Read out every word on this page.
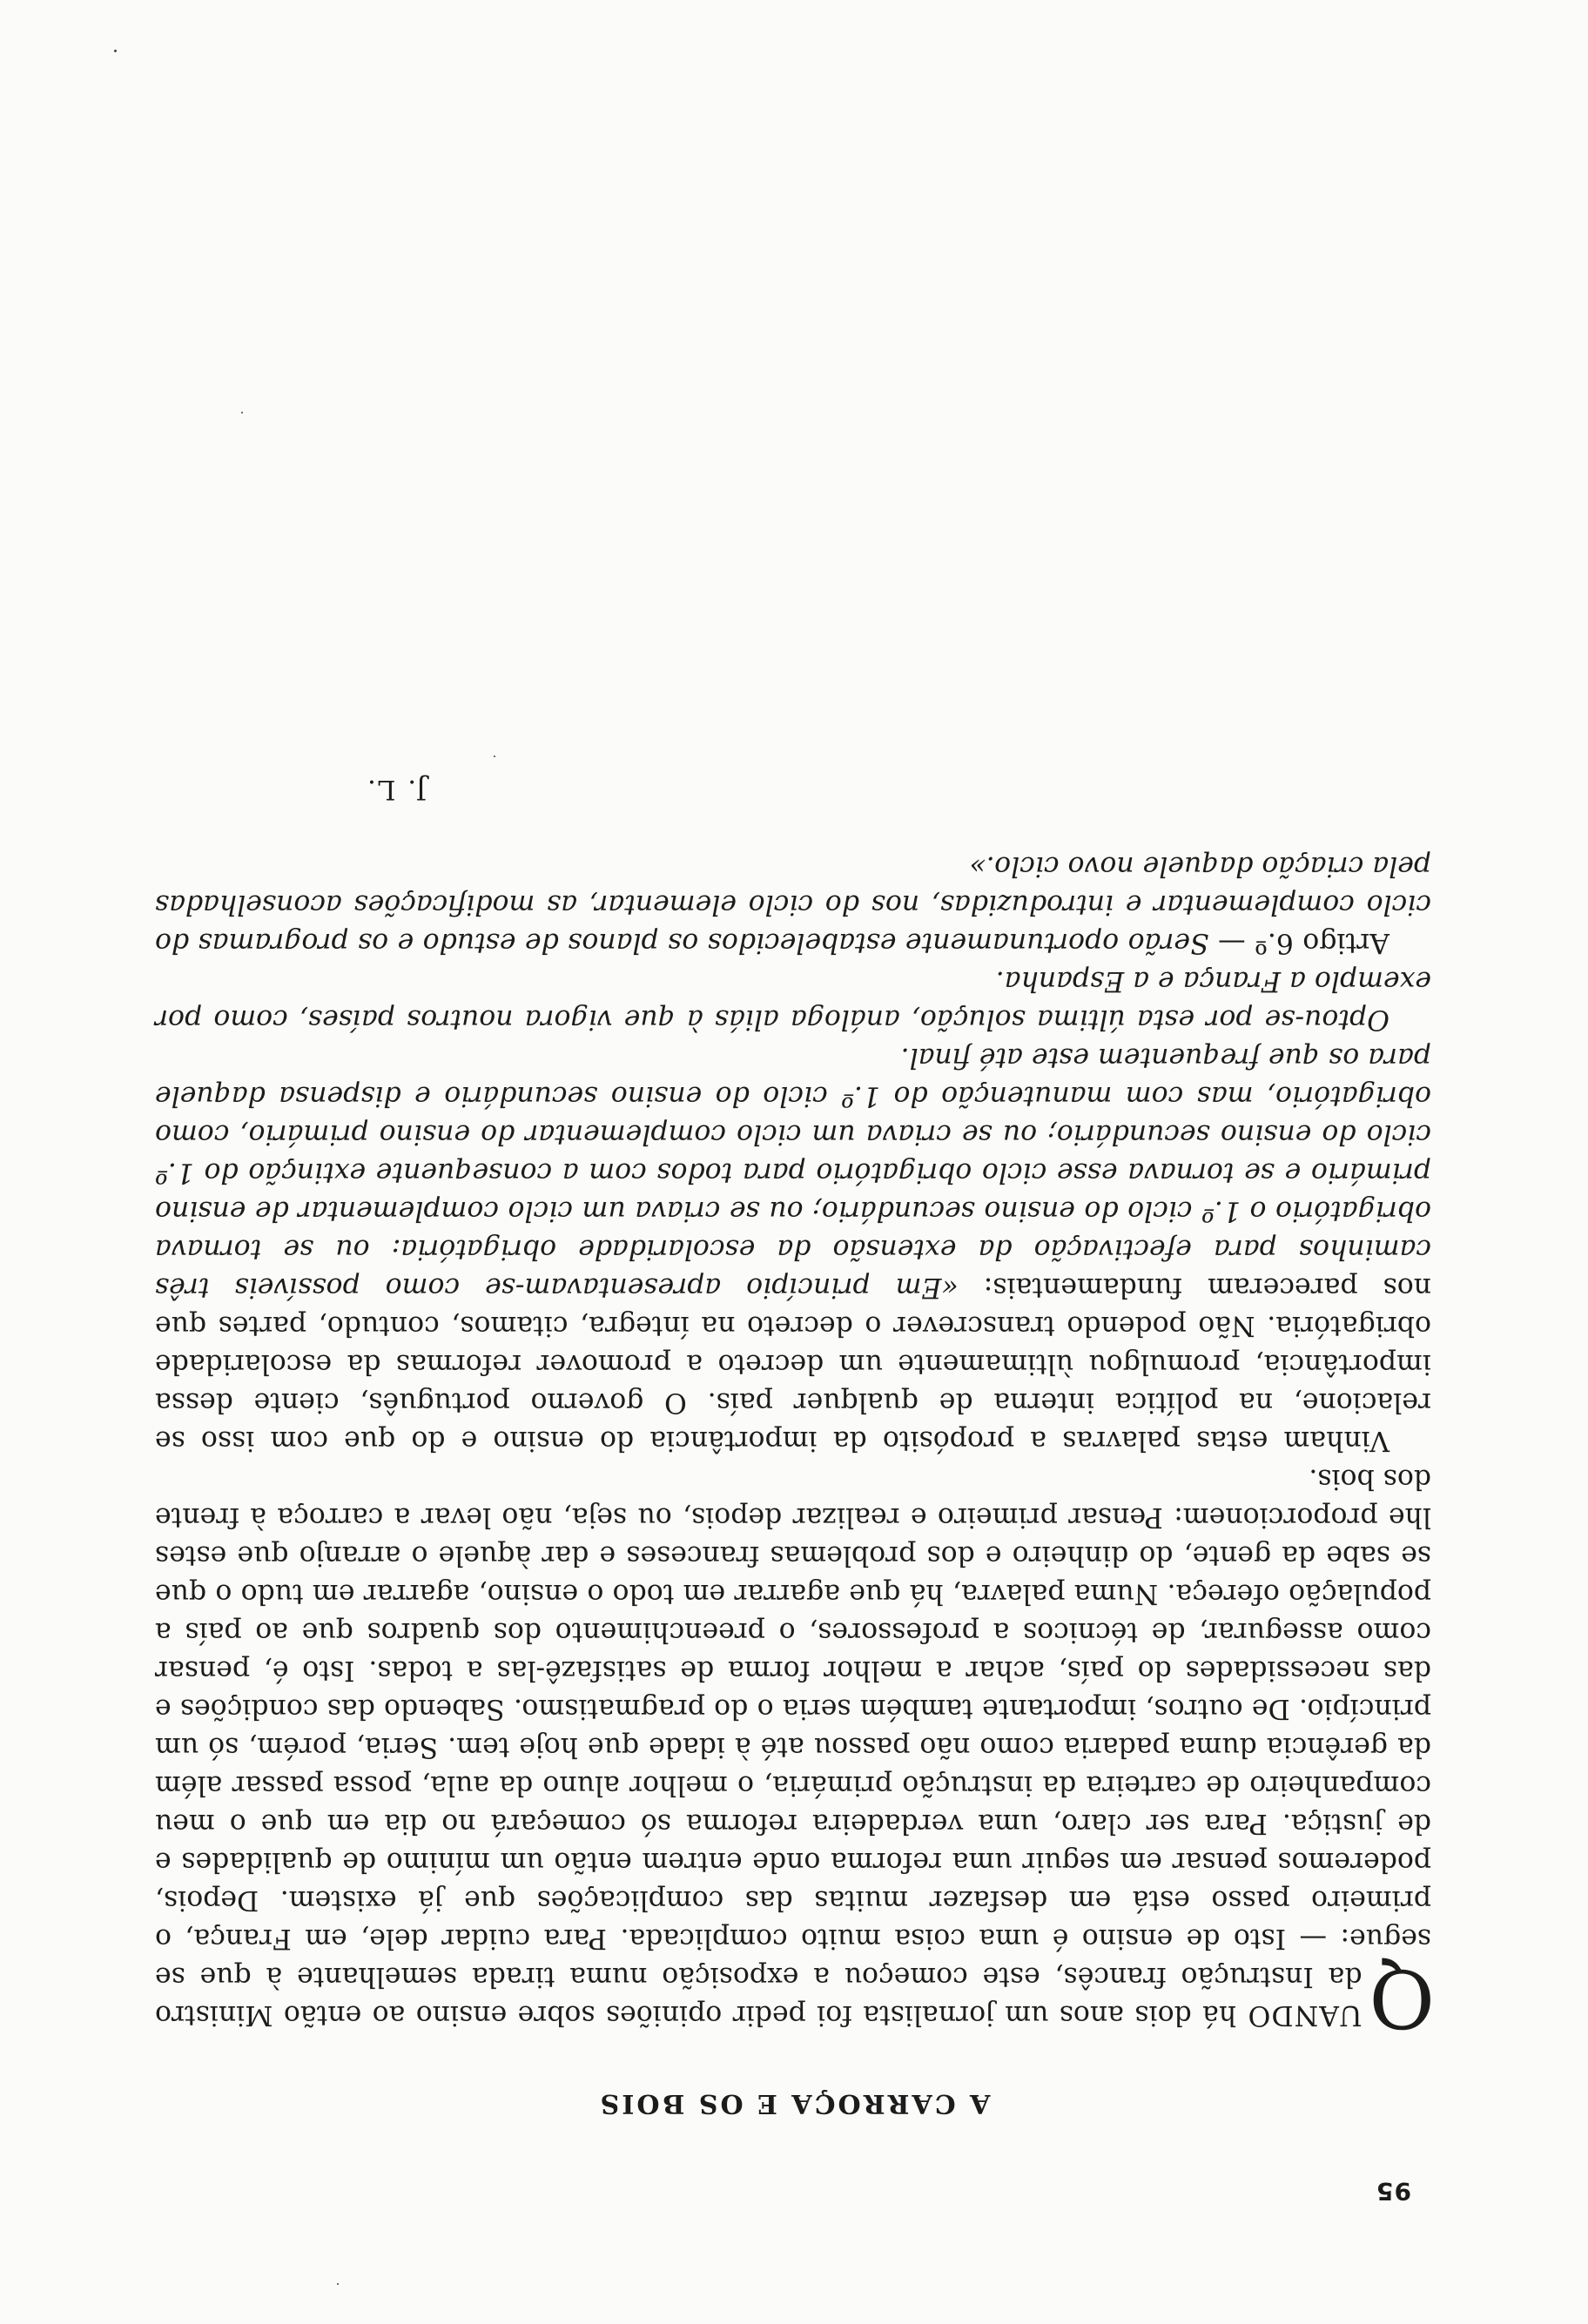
95
A CARROÇA E OS BOIS

Q
UANDO há dois anos um jornalista foi pedir opiniões sobre ensino ao então Ministro da Instrução francês, este começou a exposição numa tirada semelhante à que se segue: — Isto de ensino é uma coisa muito complicada. Para cuidar dele, em França, o primeiro passo está em desfazer muitas das complicações que já existem. Depois, poderemos pensar em seguir uma reforma onde entrem então um mínimo de qualidades e de justiça. Para ser claro, uma verdadeira reforma só começará no dia em que o meu companheiro de carteira da instrução primária, o melhor aluno da aula, possa passar além da gerência duma padaria como não passou até à idade que hoje tem. Seria, porém, só um princípio. De outros, importante também seria o do pragmatismo. Sabendo das condições e das necessidades do país, achar a melhor forma de satisfazê-las a todas. Isto é, pensar como assegurar, de técnicos a professores, o preenchimento dos quadros que ao país a população ofereça. Numa palavra, há que agarrar em todo o ensino, agarrar em tudo o que se sabe da gente, do dinheiro e dos problemas franceses e dar àquele o arranjo que estes lhe proporcionem: Pensar primeiro e realizar depois, ou seja, não levar a carroça à frente dos bois.

Vinham estas palavras a propósito da importância do ensino e do que com isso se relacione, na política interna de qualquer país. O governo português, ciente dessa importância, promulgou ùltimamente um decreto a promover reformas da escolaridade obrigatória. Não podendo transcrever o decreto na íntegra, citamos, contudo, partes que nos pareceram fundamentais: «Em princípio apresentavam-se como possíveis três caminhos para efectivação da extensão da escolaridade obrigatória: ou se tornava obrigatório o 1.º ciclo do ensino secundário; ou se criava um ciclo complementar de ensino primário e se tornava esse ciclo obrigatório para todos com a consequente extinção do 1.º ciclo do ensino secundário; ou se criava um ciclo complementar do ensino primário, como obrigatório, mas com manutenção do 1.º ciclo do ensino secundário e dispensa daquele para os que frequentem este até final.

Optou-se por esta última solução, análoga aliás à que vigora noutros países, como por exemplo a França e a Espanha.

Artigo 6.º — Serão oportunamente estabelecidos os planos de estudo e os programas do ciclo complementar e introduzidas, nos do ciclo elementar, as modificações aconselhadas pela criação daquele novo ciclo.»

J. L.
